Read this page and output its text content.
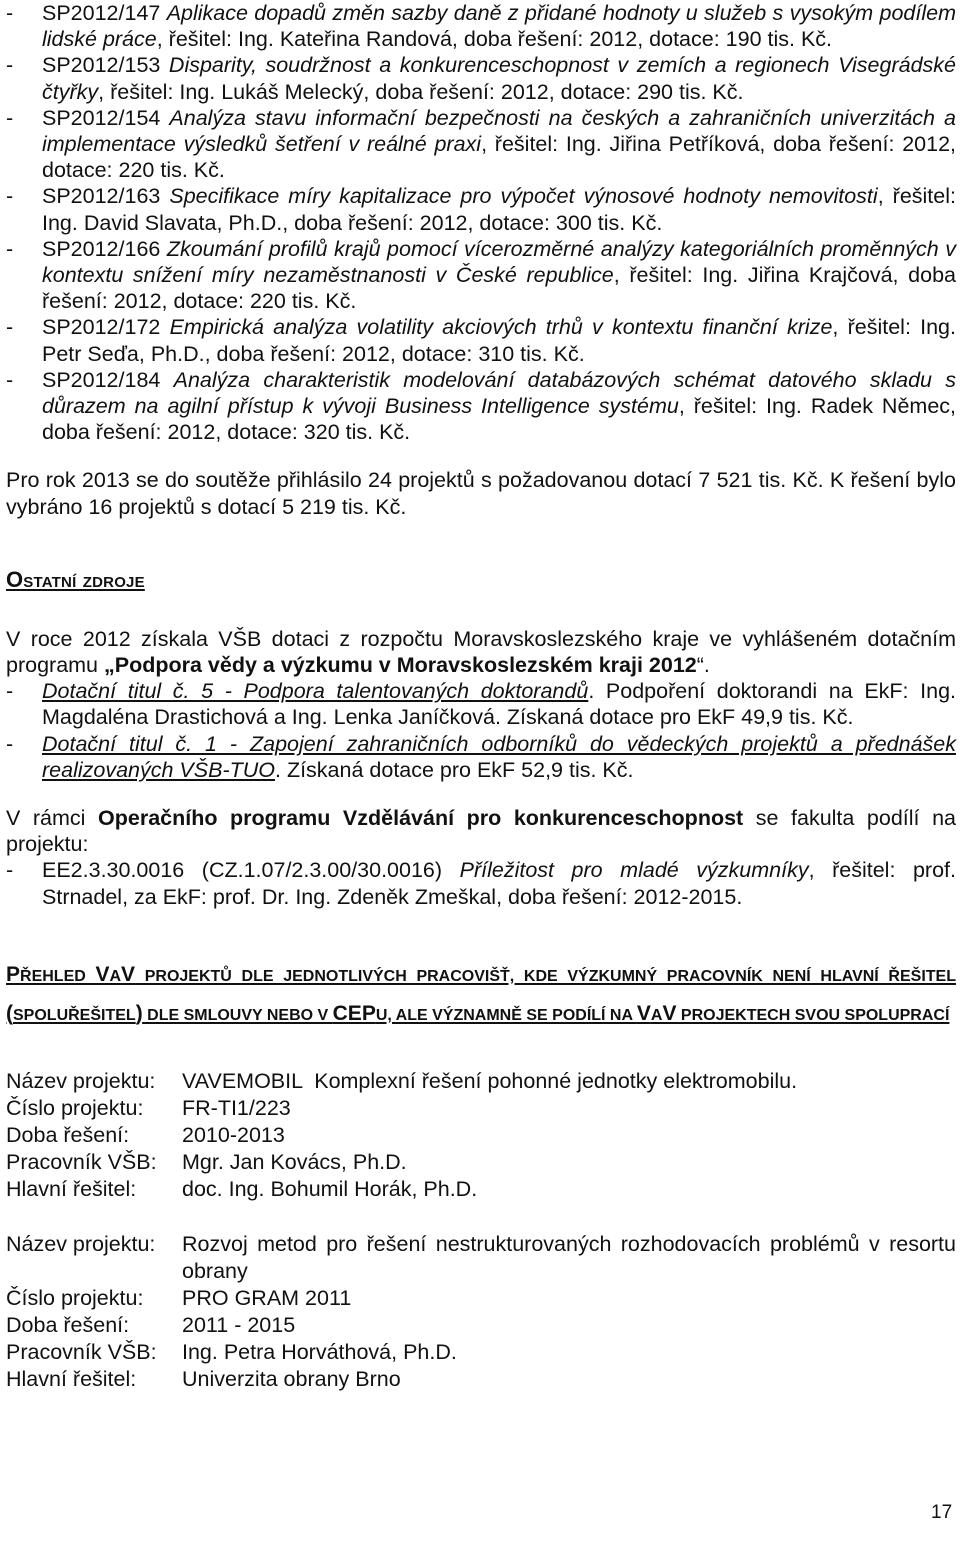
- SP2012/147 Aplikace dopadů změn sazby daně z přidané hodnoty u služeb s vysokým podílem lidské práce, řešitel: Ing. Kateřina Randová, doba řešení: 2012, dotace: 190 tis. Kč.
- SP2012/153 Disparity, soudržnost a konkurenceschopnost v zemích a regionech Visegrádské čtyřky, řešitel: Ing. Lukáš Melecký, doba řešení: 2012, dotace: 290 tis. Kč.
- SP2012/154 Analýza stavu informační bezpečnosti na českých a zahraničních univerzitách a implementace výsledků šetření v reálné praxi, řešitel: Ing. Jiřina Petříková, doba řešení: 2012, dotace: 220 tis. Kč.
- SP2012/163 Specifikace míry kapitalizace pro výpočet výnosové hodnoty nemovitosti, řešitel: Ing. David Slavata, Ph.D., doba řešení: 2012, dotace: 300 tis. Kč.
- SP2012/166 Zkoumání profilů krajů pomocí vícerozměrné analýzy kategoriálních proměnných v kontextu snížení míry nezaměstnanosti v České republice, řešitel: Ing. Jiřina Krajčová, doba řešení: 2012, dotace: 220 tis. Kč.
- SP2012/172 Empirická analýza volatility akciových trhů v kontextu finanční krize, řešitel: Ing. Petr Seďa, Ph.D., doba řešení: 2012, dotace: 310 tis. Kč.
- SP2012/184 Analýza charakteristik modelování databázových schémat datového skladu s důrazem na agilní přístup k vývoji Business Intelligence systému, řešitel: Ing. Radek Němec, doba řešení: 2012, dotace: 320 tis. Kč.

Pro rok 2013 se do soutěže přihlásilo 24 projektů s požadovanou dotací 7 521 tis. Kč. K řešení bylo vybráno 16 projektů s dotací 5 219 tis. Kč.

Ostatní zdroje

V roce 2012 získala VŠB dotaci z rozpočtu Moravskoslezského kraje ve vyhlášeném dotačním programu „Podpora vědy a výzkumu v Moravskoslezském kraji 2012“.

- Dotační titul č. 5 - Podpora talentovaných doktorandů. Podpoření doktorandi na EkF: Ing. Magdaléna Drastichová a Ing. Lenka Janíčková. Získaná dotace pro EkF 49,9 tis. Kč.
- Dotační titul č. 1 - Zapojení zahraničních odborníků do vědeckých projektů a přednášek realizovaných VŠB-TUO. Získaná dotace pro EkF 52,9 tis. Kč.

V rámci Operačního programu Vzdělávání pro konkurenceschopnost se fakulta podílí na projektu:

- EE2.3.30.0016 (CZ.1.07/2.3.00/30.0016) Příležitost pro mladé výzkumníky, řešitel: prof. Strnadel, za EkF: prof. Dr. Ing. Zdeněk Zmeškal, doba řešení: 2012-2015.
PŘEHLED VAV PROJEKTŮ DLE JEDNOTLIVÝCH PRACOVIŠŤ, KDE VÝZKUMNÝ PRACOVNÍK NENÍ HLAVNÍ ŘEŠITEL (SPOLUŘEŠITEL) DLE SMLOUVY NEBO V CEPU, ALE VÝZNAMNĚ SE PODÍLÍ NA VAV PROJEKTECH SVOU SPOLUPRACÍ
Název projektu:	VAVEMOBIL  Komplexní řešení pohonné jednotky elektromobilu.
Číslo projektu:	FR-TI1/223
Doba řešení:	2010-2013
Pracovník VŠB:	Mgr. Jan Kovács, Ph.D.
Hlavní řešitel:	doc. Ing. Bohumil Horák, Ph.D.
Název projektu:	Rozvoj metod pro řešení nestrukturovaných rozhodovacích problémů v resortu obrany
Číslo projektu:	PRO GRAM 2011
Doba řešení:	2011 - 2015
Pracovník VŠB:	Ing. Petra Horváthová, Ph.D.
Hlavní řešitel:	Univerzita obrany Brno
17
